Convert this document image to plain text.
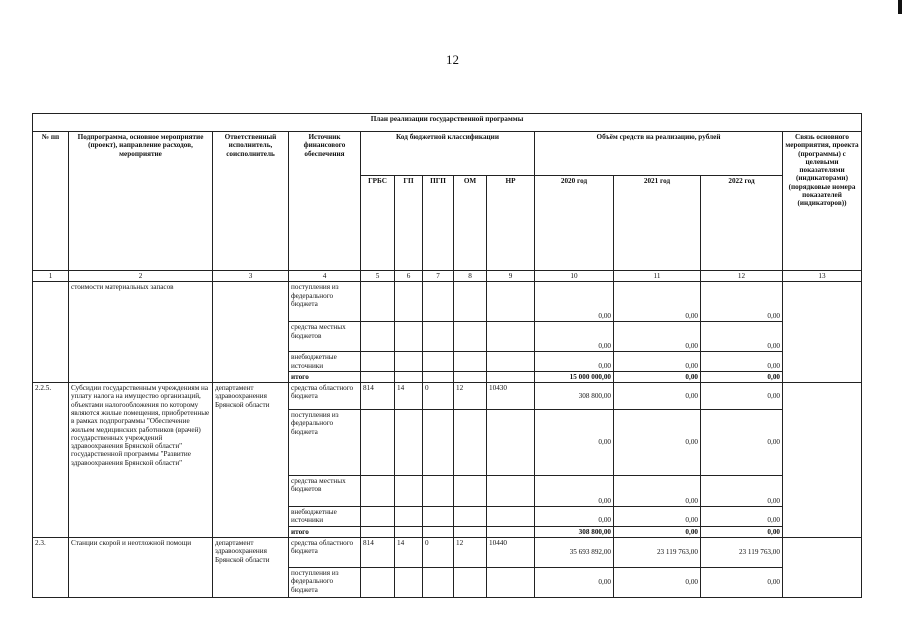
12
План реализации государственной программы												
№ пп	Подпрограмма, основное мероприятие (проект), направление расходов, мероприятие	Ответственный исполнитель, соисполнитель	Источник финансового обеспечения	Код бюджетной классификации					Объём средств на реализацию, рублей			Связь основного мероприятия, проекта (программы) с целевыми показателями (индикаторами) (порядковые номера показателей (индикаторов))
				ГРБС	ГП	ПГП	ОМ	НР	2020 год	2021 год	2022 год	
1	2	3	4	5	6	7	8	9	10	11	12	13
	стоимости материальных запасов		поступления из федерального бюджета						0,00	0,00	0,00	
			средства местных бюджетов						0,00	0,00	0,00	
			внебюджетные источники						0,00	0,00	0,00	
			итого						15 000 000,00	0,00	0,00	
2.2.5.	Субсидии государственным учреждениям на уплату налога на имущество организаций, объектами налогообложения по которому являются жилые помещения, приобретенные в рамках подпрограммы "Обеспечение жильем медицинских работников (врачей) государственных учреждений здравоохранения Брянской области" государственной программы "Развитие здравоохранения Брянской области"	департамент здравоохранения Брянской области	средства областного бюджета	814	14	0	12	10430	308 800,00	0,00	0,00	
			поступления из федерального бюджета						0,00	0,00	0,00	
			средства местных бюджетов						0,00	0,00	0,00	
			внебюджетные источники						0,00	0,00	0,00	
			итого						308 800,00	0,00	0,00	
2.3.	Станции скорой и неотложной помощи	департамент здравоохранения Брянской области	средства областного бюджета	814	14	0	12	10440	35 693 892,00	23 119 763,00	23 119 763,00	
			поступления из федерального бюджета						0,00	0,00	0,00	
